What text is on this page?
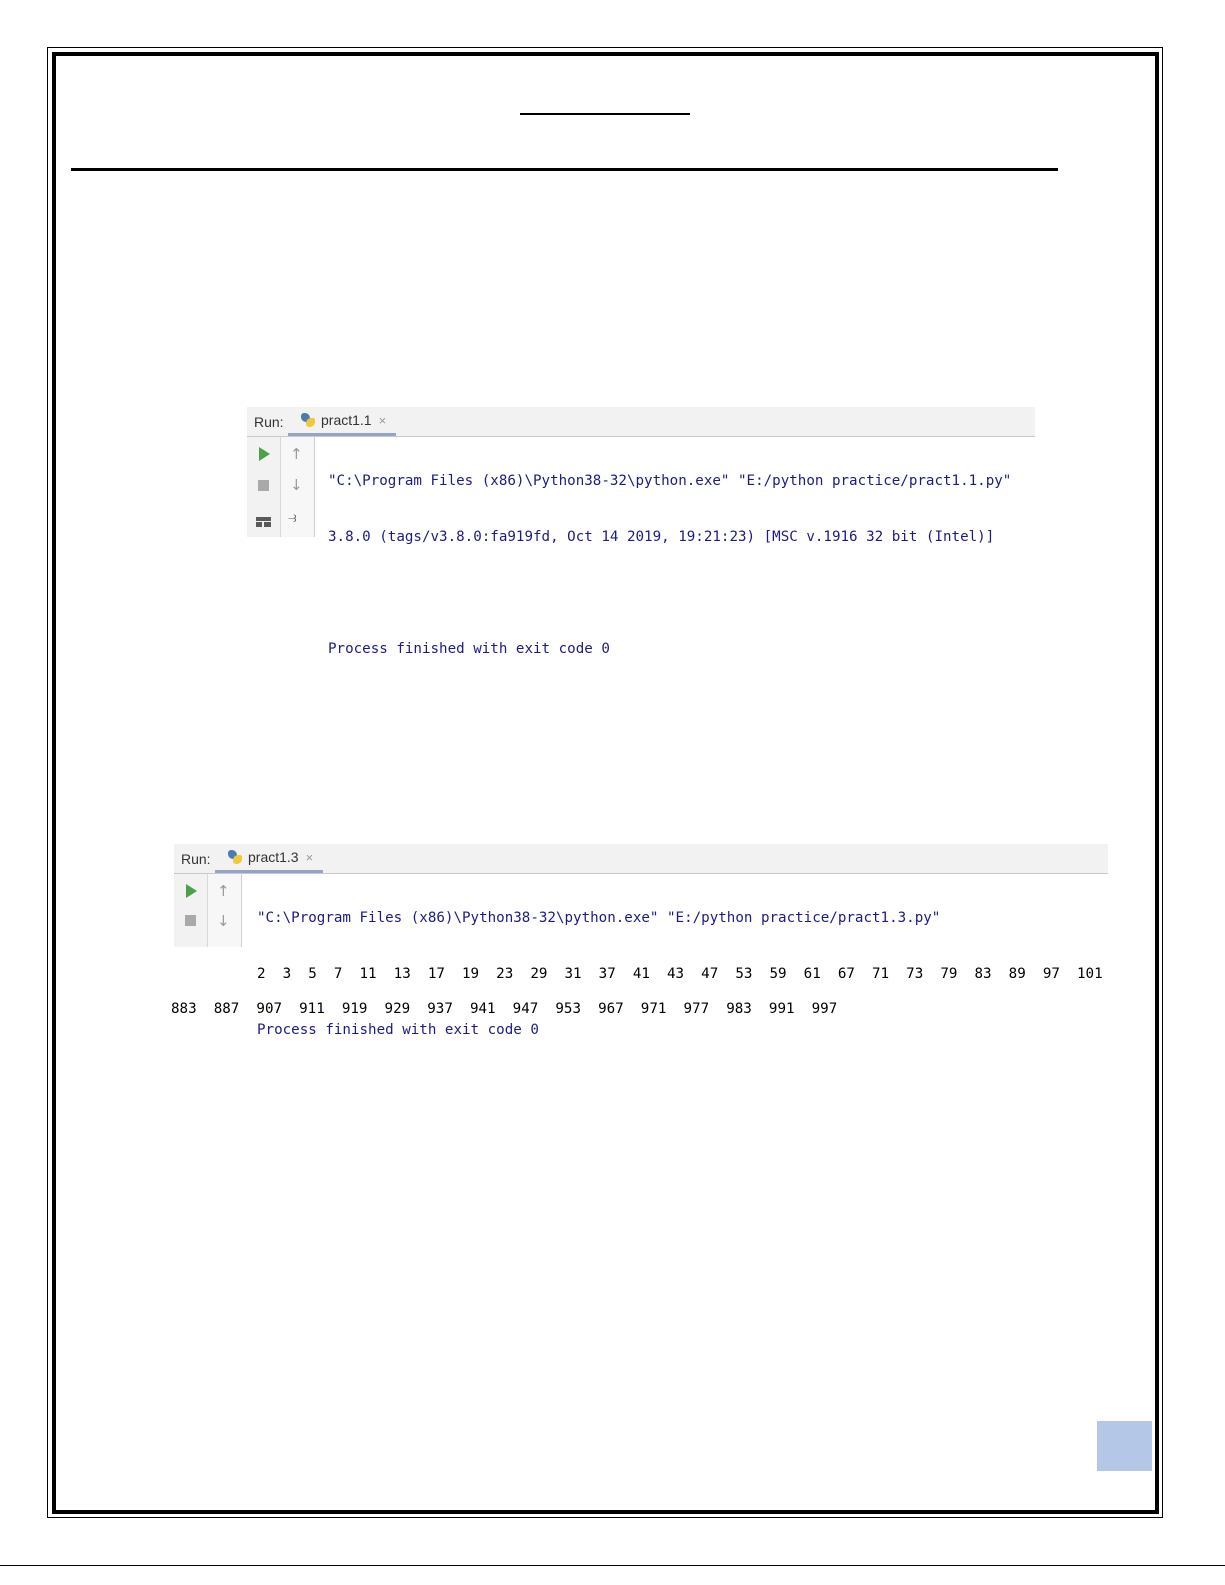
Run:	pract1.1 ×
↑
↓
⥽

"C:\Program Files (x86)\Python38-32\python.exe" "E:/python practice/pract1.1.py"

3.8.0 (tags/v3.8.0:fa919fd, Oct 14 2019, 19:21:23) [MSC v.1916 32 bit (Intel)]

Process finished with exit code 0

Run:	pract1.3 ×
↑
↓

"C:\Program Files (x86)\Python38-32\python.exe" "E:/python practice/pract1.3.py"

2  3  5  7  11  13  17  19  23  29  31  37  41  43  47  53  59  61  67  71  73  79  83  89  97  101

Process finished with exit code 0

883  887  907  911  919  929  937  941  947  953  967  971  977  983  991  997
